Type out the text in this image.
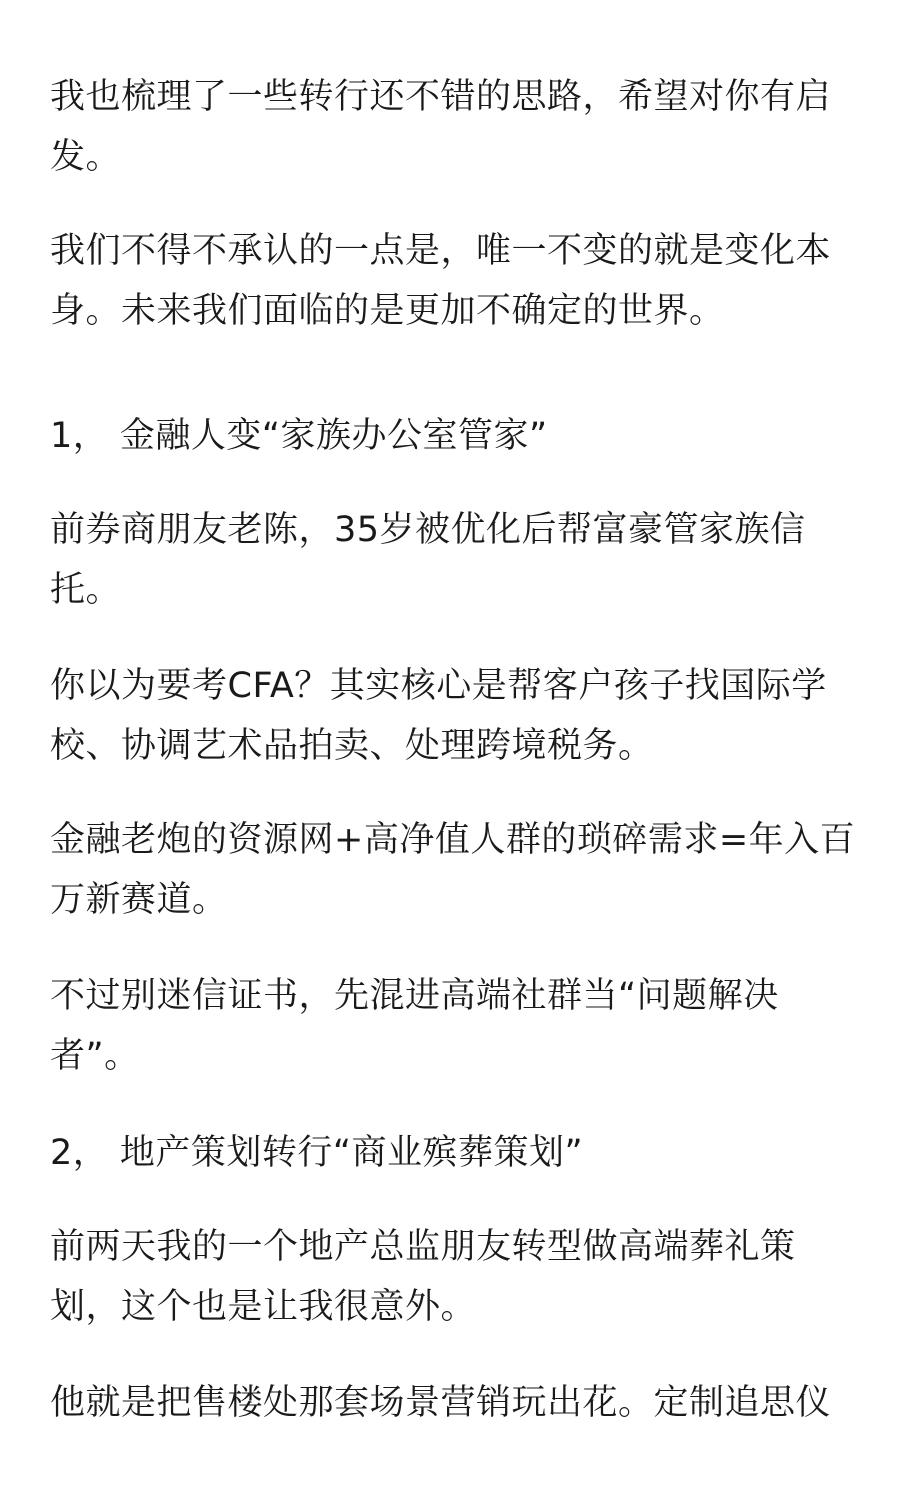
我也梳理了一些转行还不错的思路，希望对你有启
发。
我们不得不承认的一点是，唯一不变的就是变化本
身。未来我们面临的是更加不确定的世界。
1， 金融人变“家族办公室管家”
前券商朋友老陈，35岁被优化后帮富豪管家族信
托。
你以为要考CFA？其实核心是帮客户孩子找国际学
校、协调艺术品拍卖、处理跨境税务。
金融老炮的资源网+高净值人群的琐碎需求=年入百
万新赛道。
不过别迷信证书，先混进高端社群当“问题解决
者”。
2， 地产策划转行“商业殡葬策划”
前两天我的一个地产总监朋友转型做高端葬礼策
划，这个也是让我很意外。
他就是把售楼处那套场景营销玩出花。定制追思仪
